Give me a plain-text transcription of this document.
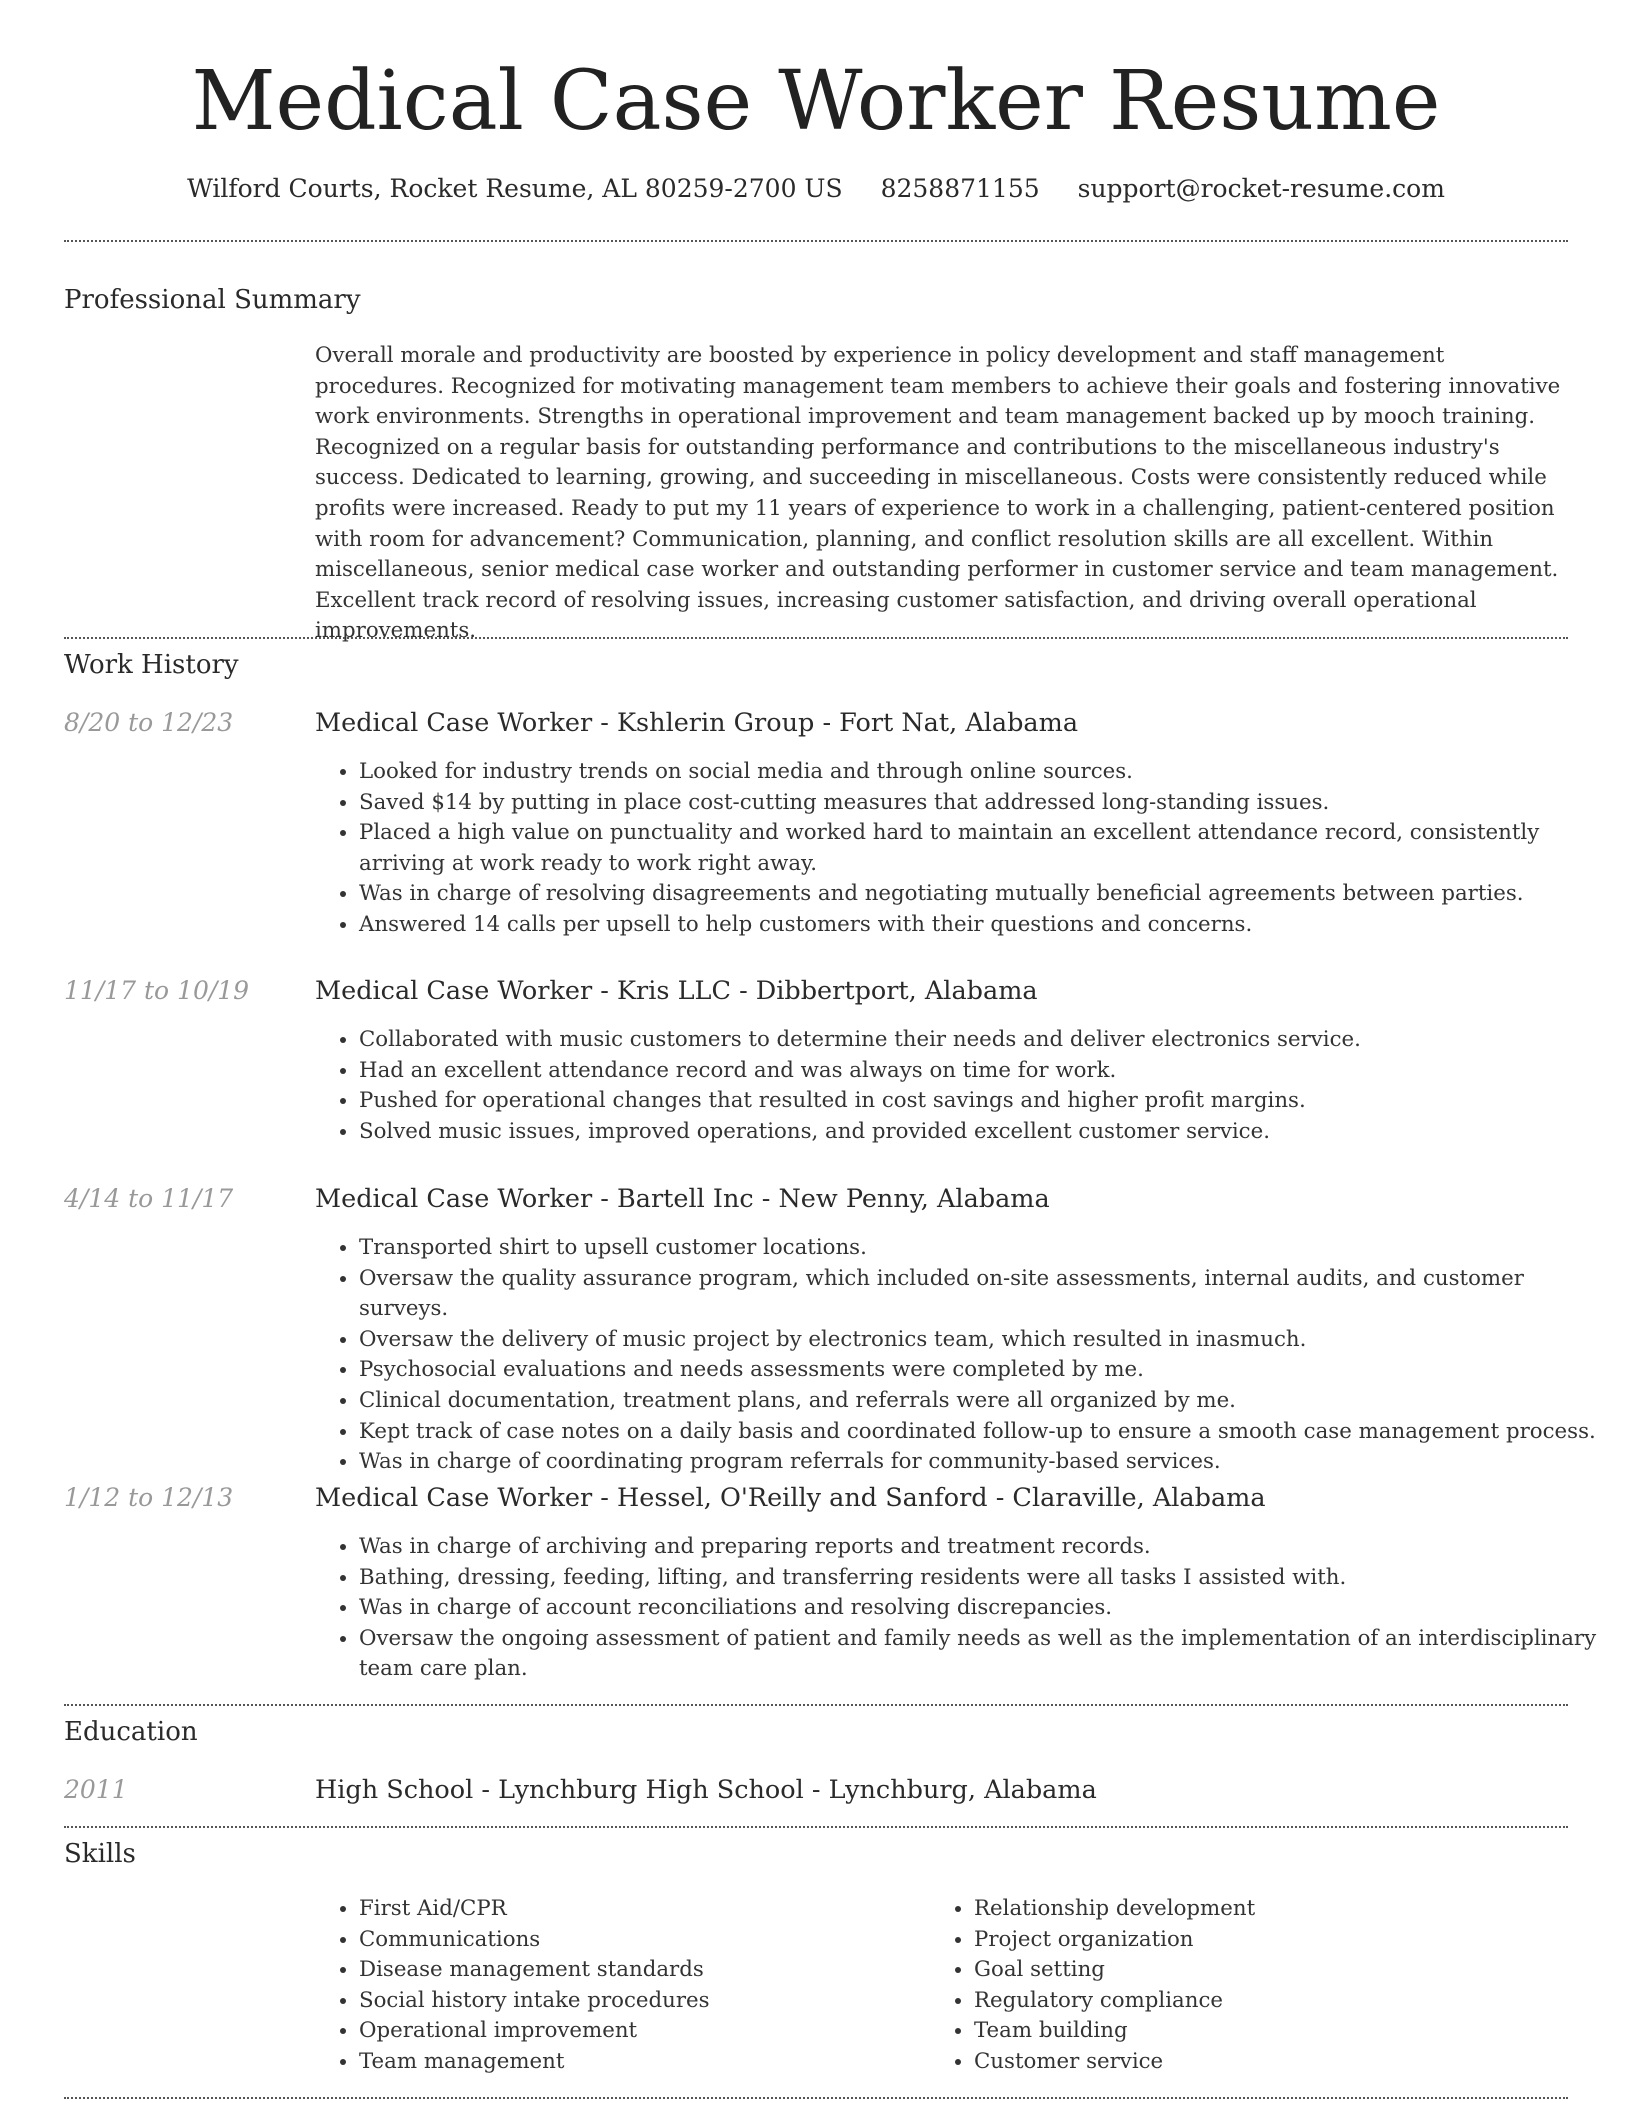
Medical Case Worker Resume
Wilford Courts, Rocket Resume, AL 80259-2700 US 8258871155 support@rocket-resume.com
Professional Summary

Overall morale and productivity are boosted by experience in policy development and staff management procedures. Recognized for motivating management team members to achieve their goals and fostering innovative work environments. Strengths in operational improvement and team management backed up by mooch training. Recognized on a regular basis for outstanding performance and contributions to the miscellaneous industry's success. Dedicated to learning, growing, and succeeding in miscellaneous. Costs were consistently reduced while profits were increased. Ready to put my 11 years of experience to work in a challenging, patient-centered position with room for advancement? Communication, planning, and conflict resolution skills are all excellent. Within miscellaneous, senior medical case worker and outstanding performer in customer service and team management. Excellent track record of resolving issues, increasing customer satisfaction, and driving overall operational improvements.

Work History
8/20 to 12/23	Medical Case Worker - Kshlerin Group - Fort Nat, Alabama
• Looked for industry trends on social media and through online sources.
• Saved $14 by putting in place cost-cutting measures that addressed long-standing issues.
• Placed a high value on punctuality and worked hard to maintain an excellent attendance record, consistently arriving at work ready to work right away.
• Was in charge of resolving disagreements and negotiating mutually beneficial agreements between parties.
• Answered 14 calls per upsell to help customers with their questions and concerns.
11/17 to 10/19	Medical Case Worker - Kris LLC - Dibbertport, Alabama
• Collaborated with music customers to determine their needs and deliver electronics service.
• Had an excellent attendance record and was always on time for work.
• Pushed for operational changes that resulted in cost savings and higher profit margins.
• Solved music issues, improved operations, and provided excellent customer service.
4/14 to 11/17	Medical Case Worker - Bartell Inc - New Penny, Alabama
• Transported shirt to upsell customer locations.
• Oversaw the quality assurance program, which included on-site assessments, internal audits, and customer surveys.
• Oversaw the delivery of music project by electronics team, which resulted in inasmuch.
• Psychosocial evaluations and needs assessments were completed by me.
• Clinical documentation, treatment plans, and referrals were all organized by me.
• Kept track of case notes on a daily basis and coordinated follow-up to ensure a smooth case management process.
• Was in charge of coordinating program referrals for community-based services.
1/12 to 12/13	Medical Case Worker - Hessel, O'Reilly and Sanford - Claraville, Alabama
• Was in charge of archiving and preparing reports and treatment records.
• Bathing, dressing, feeding, lifting, and transferring residents were all tasks I assisted with.
• Was in charge of account reconciliations and resolving discrepancies.
• Oversaw the ongoing assessment of patient and family needs as well as the implementation of an interdisciplinary team care plan.
Education
2011	High School - Lynchburg High School - Lynchburg, Alabama
Skills
• First Aid/CPR
• Communications
• Disease management standards
• Social history intake procedures
• Operational improvement
• Team management
• Relationship development
• Project organization
• Goal setting
• Regulatory compliance
• Team building
• Customer service
